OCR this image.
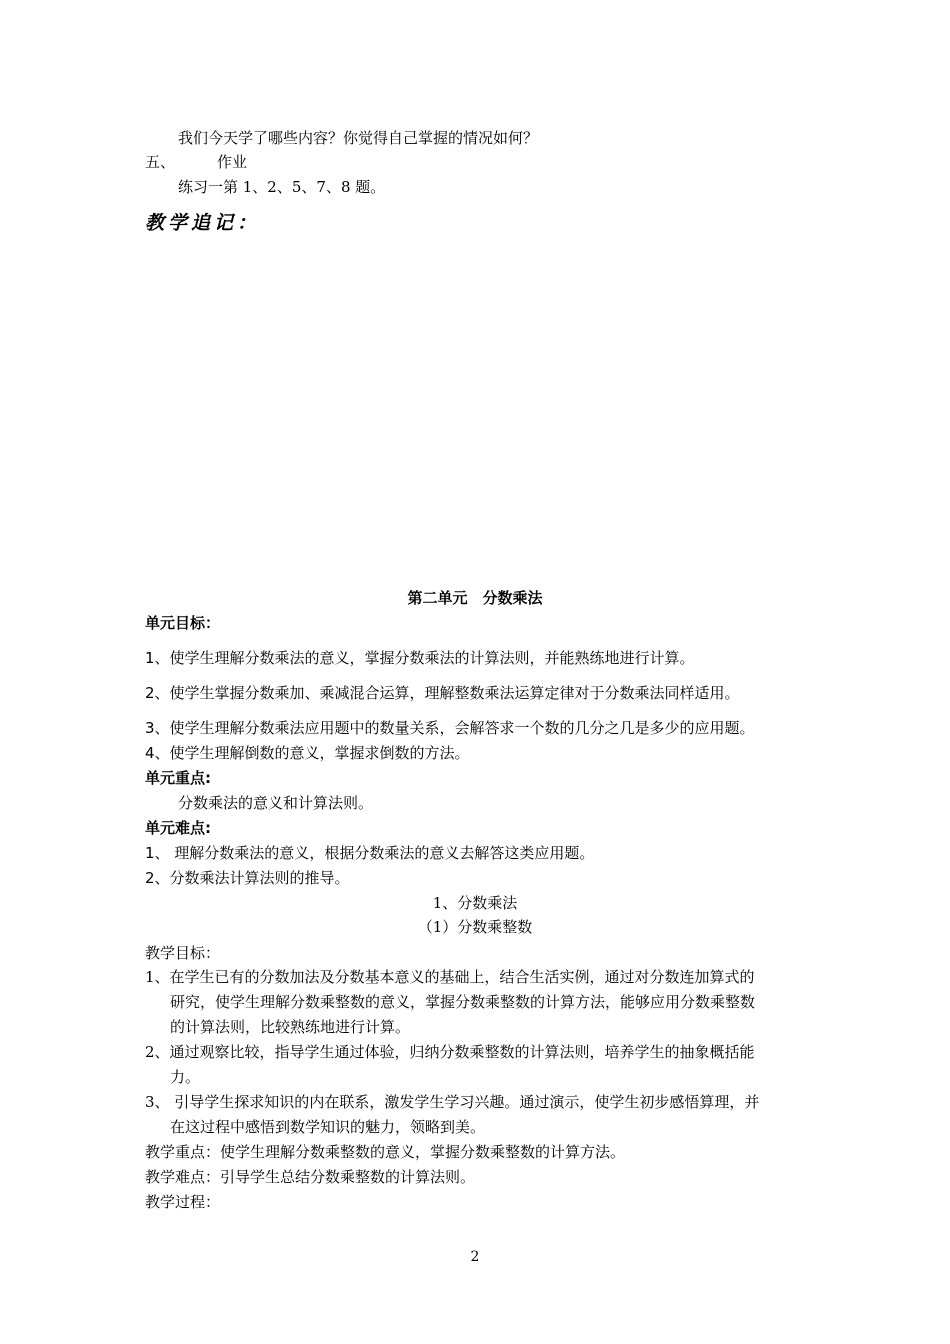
我们今天学了哪些内容？你觉得自己掌握的情况如何？
五、	作业
练习一第 1、2、5、7、8 题。
教学追记：
第二单元　分数乘法
单元目标：
1、使学生理解分数乘法的意义，掌握分数乘法的计算法则，并能熟练地进行计算。
2、使学生掌握分数乘加、乘减混合运算，理解整数乘法运算定律对于分数乘法同样适用。
3、使学生理解分数乘法应用题中的数量关系，会解答求一个数的几分之几是多少的应用题。
4、使学生理解倒数的意义，掌握求倒数的方法。
单元重点:
分数乘法的意义和计算法则。
单元难点:
1、 理解分数乘法的意义，根据分数乘法的意义去解答这类应用题。
2、分数乘法计算法则的推导。
1、分数乘法
（1）分数乘整数
教学目标：
1、在学生已有的分数加法及分数基本意义的基础上，结合生活实例，通过对分数连加算式的
研究，使学生理解分数乘整数的意义，掌握分数乘整数的计算方法，能够应用分数乘整数
的计算法则，比较熟练地进行计算。
2、通过观察比较，指导学生通过体验，归纳分数乘整数的计算法则，培养学生的抽象概括能
力。
3、 引导学生探求知识的内在联系，激发学生学习兴趣。通过演示，使学生初步感悟算理，并
在这过程中感悟到数学知识的魅力，领略到美。
教学重点：使学生理解分数乘整数的意义，掌握分数乘整数的计算方法。
教学难点：引导学生总结分数乘整数的计算法则。
教学过程：
2
